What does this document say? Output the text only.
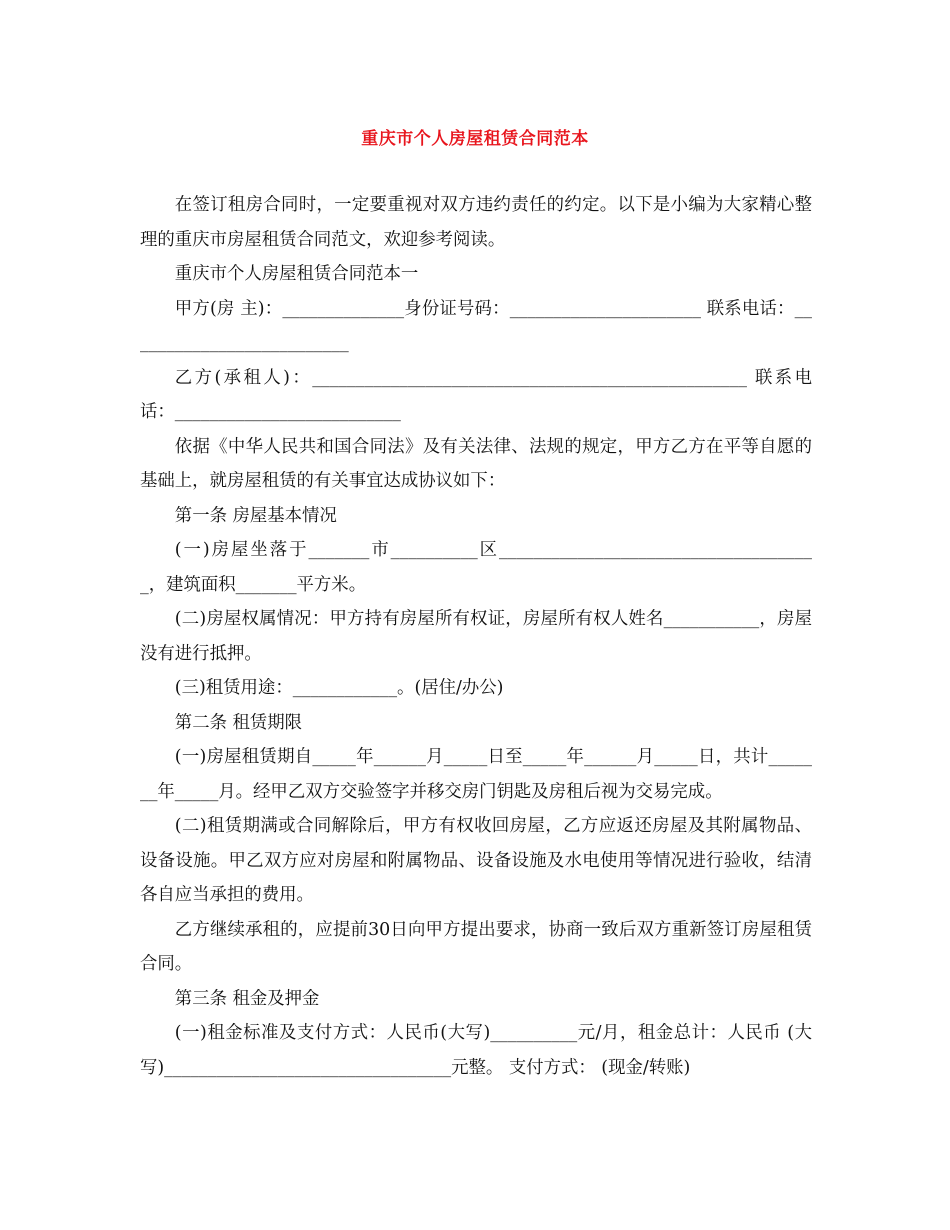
重庆市个人房屋租赁合同范本

在签订租房合同时，一定要重视对双方违约责任的约定。以下是小编为大家精心整理的重庆市房屋租赁合同范文，欢迎参考阅读。

重庆市个人房屋租赁合同范本一

甲方(房 主)：______________身份证号码：______________________ 联系电话：__________________________

乙方(承租人)：__________________________________________________ 联系电话：__________________________

依据《中华人民共和国合同法》及有关法律、法规的规定，甲方乙方在平等自愿的基础上，就房屋租赁的有关事宜达成协议如下：

第一条 房屋基本情况

(一)房屋坐落于_______市__________区_____________________________________，建筑面积_______平方米。

(二)房屋权属情况：甲方持有房屋所有权证，房屋所有权人姓名___________，房屋没有进行抵押。

(三)租赁用途：____________。(居住/办公)

第二条 租赁期限

(一)房屋租赁期自_____年______月_____日至_____年______月_____日，共计_______年_____月。经甲乙双方交验签字并移交房门钥匙及房租后视为交易完成。

(二)租赁期满或合同解除后，甲方有权收回房屋，乙方应返还房屋及其附属物品、设备设施。甲乙双方应对房屋和附属物品、设备设施及水电使用等情况进行验收，结清各自应当承担的费用。

乙方继续承租的，应提前30日向甲方提出要求，协商一致后双方重新签订房屋租赁合同。

第三条 租金及押金

(一)租金标准及支付方式：人民币(大写)__________元/月，租金总计：人民币 (大写)_________________________________元整。 支付方式： (现金/转账)
